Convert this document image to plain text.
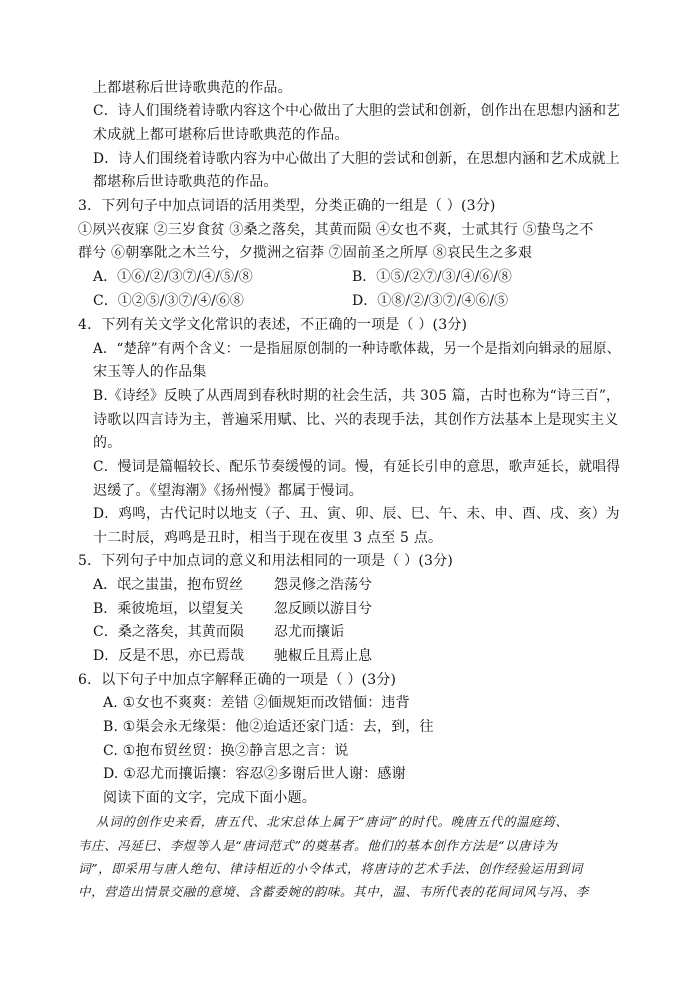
上都堪称后世诗歌典范的作品。
C．诗人们围绕着诗歌内容这个中心做出了大胆的尝试和创新，创作出在思想内涵和艺
术成就上都可堪称后世诗歌典范的作品。
D．诗人们围绕着诗歌内容为中心做出了大胆的尝试和创新，在思想内涵和艺术成就上
都堪称后世诗歌典范的作品。
3．下列句子中加点词语的活用类型，分类正确的一组是（ ）(3分)
①夙兴夜寐 ②三岁食贫 ③桑之落矣，其黄而陨 ④女也不爽，士贰其行 ⑤蛰鸟之不
群兮 ⑥朝搴阰之木兰兮，夕揽洲之宿莽 ⑦固前圣之所厚 ⑧哀民生之多艰
A．①⑥/②/③⑦/④/⑤/⑧	B．①⑤/②⑦/③/④/⑥/⑧
C．①②⑤/③⑦/④/⑥⑧	D．①⑧/②/③⑦/④⑥/⑤
4．下列有关文学文化常识的表述，不正确的一项是（ ）(3分)
A．“楚辞”有两个含义：一是指屈原创制的一种诗歌体裁，另一个是指刘向辑录的屈原、
宋玉等人的作品集
B.《诗经》反映了从西周到春秋时期的社会生活，共 305 篇，古时也称为“诗三百”，
诗歌以四言诗为主，普遍采用赋、比、兴的表现手法，其创作方法基本上是现实主义
的。
C．慢词是篇幅较长、配乐节奏缓慢的词。慢，有延长引申的意思，歌声延长，就唱得
迟缓了。《望海潮》《扬州慢》都属于慢词。
D．鸡鸣，古代记时以地支（子、丑、寅、卯、辰、巳、午、未、申、酉、戌、亥）为
十二时辰，鸡鸣是丑时，相当于现在夜里 3 点至 5 点。
5．下列句子中加点词的意义和用法相同的一项是（ ）(3分)
A．氓之蚩蚩，抱布贸丝 怨灵修之浩荡兮
B．乘彼垝垣，以望复关 忽反顾以游目兮
C．桑之落矣，其黄而陨 忍尤而攘诟
D．反是不思，亦已焉哉 驰椒丘且焉止息
6．以下句子中加点字解释正确的一项是（ ）(3分)
A. ①女也不爽爽：差错 ②偭规矩而改错偭：违背
B. ①渠会永无缘渠：他②迨适还家门适：去，到，往
C. ①抱布贸丝贸：换②静言思之言：说
D. ①忍尤而攘诟攘：容忍②多谢后世人谢：感谢
阅读下面的文字，完成下面小题。
从词的创作史来看，唐五代、北宋总体上属于“唐词”的时代。晚唐五代的温庭筠、
韦庄、冯延巳、李煜等人是“唐词范式”的奠基者。他们的基本创作方法是“以唐诗为
词”，即采用与唐人绝句、律诗相近的小令体式，将唐诗的艺术手法、创作经验运用到词
中，营造出情景交融的意境、含蓄委婉的韵味。其中，温、韦所代表的花间词风与冯、李
